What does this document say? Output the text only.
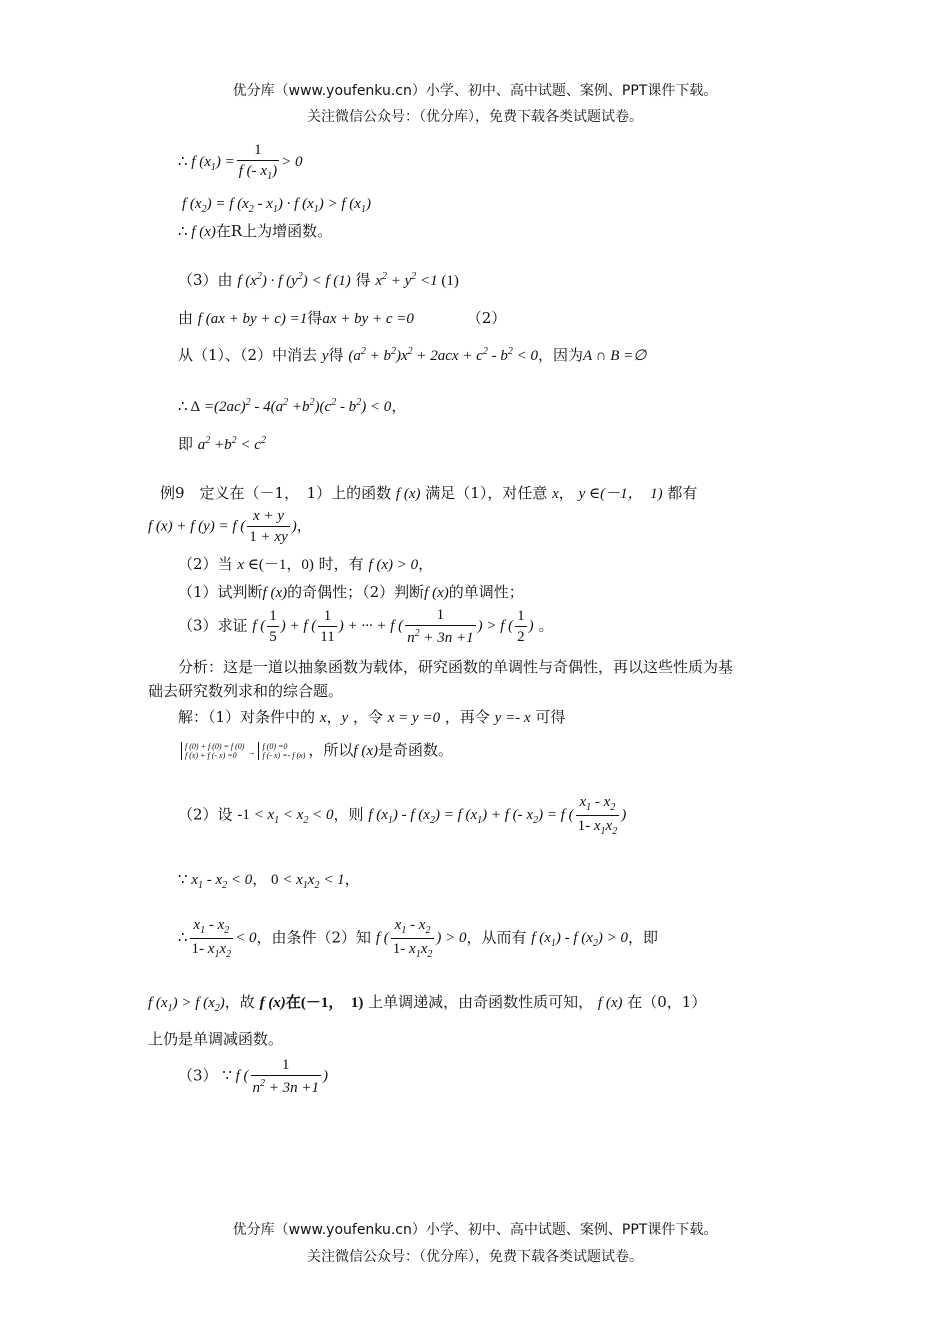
优分库（www.youfenku.cn）小学、初中、高中试题、案例、PPT课件下载。
关注微信公众号：（优分库），免费下载各类试题试卷。
∴ f $(x_1) = \frac{1}{f (- x_1)} > 0$
f $(x_2) = f$ $(x_2 - x_1) \cdot f$ $(x_1) > f$ $(x_1)$
∴ f (x)在R上为增函数。
（3）由 f $(x^2) \cdot f$ $(y^2) < f$ (1) 得 $x^2 + y^2 <1$ (1)
由 f (ax + by + c) =1得ax + by + c =0	（2）
从（1）、（2）中消去 y得 $(a^2 + b^2)x^2 + 2acx + c^2 - b^2 < 0$，因为A ∩ B =∅
∴ $\Delta =(2ac)^2 - 4(a^2 +b^2)(c^2 - b^2) < 0$，
即 $a^2 +b^2 < c^2$
例9　定义在（－1，　1）上的函数 f (x) 满足（1），对任意 x， y ∈(－1，　1) 都有
f (x) + f (y) = f ( $\frac{x + y}{1 + xy}$ )，
（2）当 x ∈(－1，0) 时，有 f (x) > 0，
（1）试判断f (x)的奇偶性；（2）判断f (x)的单调性；
（3）求证 f ( $\frac{1}{5}$ ) + f ( $\frac{1}{11}$ ) + ··· + f ( $\frac{1}{n^2 + 3n +1}$ ) > f ( $\frac{1}{2}$ ) 。
分析：这是一道以抽象函数为载体，研究函数的单调性与奇偶性，再以这些性质为基
础去研究数列求和的综合题。
解：（1）对条件中的 x，y ，令 x = y =0 ，再令 y =- x 可得
f (0) + f (0) = f (0)
f (x) + f (- x) =0 →f (0) =0
f (- x) =- f (x) ，所以f (x)是奇函数。
（2）设 $-1 < x_1 < x_2 < 0$，则 f $(x_1)$ - f $(x_2) = f$ $(x_1) + f$ (- $x_2) = f$ ( $\frac{x_1 - x_2}{1- x_1x_2}$ )
∵ $x_1 - x_2 < 0$， $0 < x_1x_2 < 1$，
∴ $\frac{x_1 - x_2}{1- x_1x_2} < 0$，由条件（2）知 f ( $\frac{x_1 - x_2}{1- x_1x_2}$ ) > 0，从而有 f $(x_1)$ - f $(x_2) > 0$，即
f $(x_1) > f$ $(x_2)$，故 f (x)在(－1，　1) 上单调递减，由奇函数性质可知， f (x) 在（0，1）
上仍是单调减函数。
（3） ∵ f ( $\frac{1}{n^2 + 3n +1}$ )
优分库（www.youfenku.cn）小学、初中、高中试题、案例、PPT课件下载。
关注微信公众号：（优分库），免费下载各类试题试卷。
